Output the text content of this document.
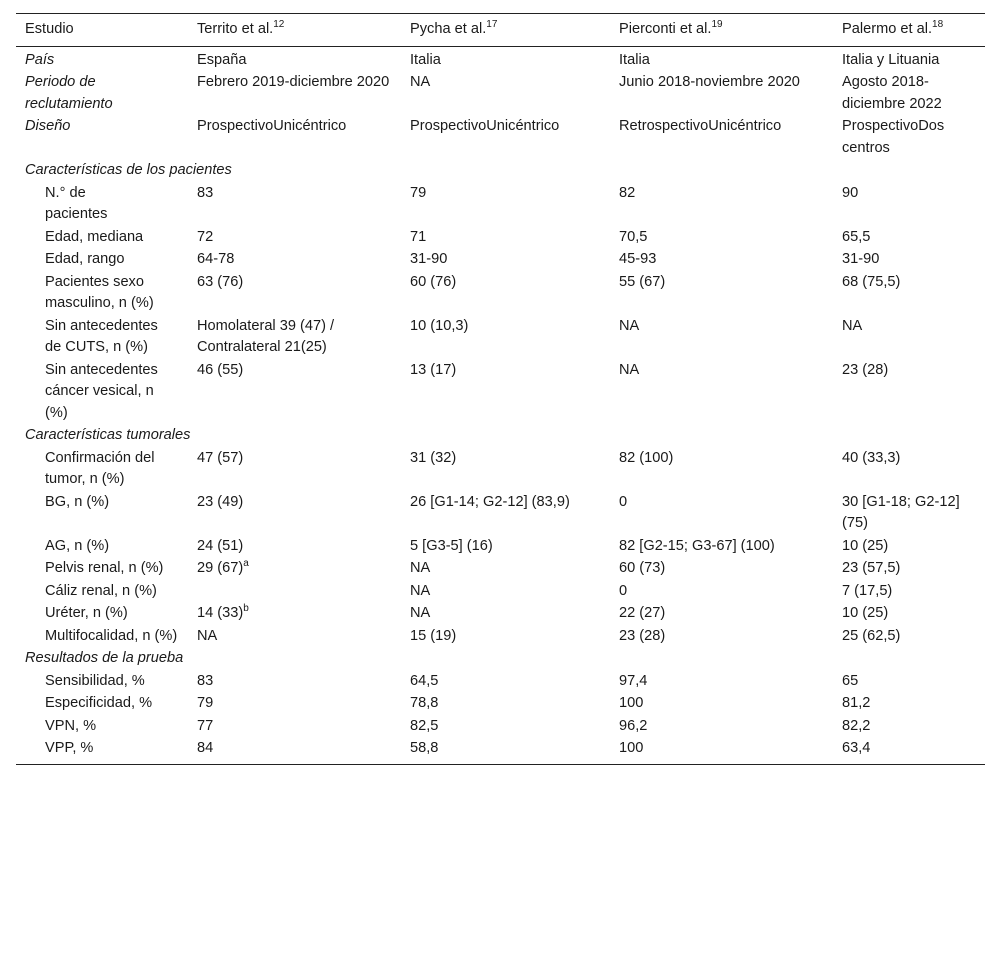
Estudio	Territo et al.$^{12}$	Pycha et al.$^{17}$	Pierconti et al.$^{19}$	Palermo et al.$^{18}$

País	España	Italia	Italia	Italia y Lituania
Periodo de reclutamiento	Febrero 2019-diciembre 2020	NA	Junio 2018-noviembre 2020	Agosto 2018-diciembre 2022
Diseño	ProspectivoUnicéntrico	ProspectivoUnicéntrico	RetrospectivoUnicéntrico	ProspectivoDos centros
Características de los pacientes				
N.° de pacientes	83	79	82	90
Edad, mediana	72	71	70,5	65,5
Edad, rango	64-78	31-90	45-93	31-90
Pacientes sexo masculino, n (%)	63 (76)	60 (76)	55 (67)	68 (75,5)
Sin antecedentes de CUTS, n (%)	Homolateral 39 (47) / Contralateral 21(25)	10 (10,3)	NA	NA
Sin antecedentes cáncer vesical, n (%)	46 (55)	13 (17)	NA	23 (28)
Características tumorales				
Confirmación del tumor, n (%)	47 (57)	31 (32)	82 (100)	40 (33,3)
BG, n (%)	23 (49)	26 [G1-14; G2-12] (83,9)	0	30 [G1-18; G2-12] (75)
AG, n (%)	24 (51)	5 [G3-5] (16)	82 [G2-15; G3-67] (100)	10 (25)
Pelvis renal, n (%)	29 $(67)^a$	NA	60 (73)	23 (57,5)
Cáliz renal, n (%)		NA	0	7 (17,5)
Uréter, n (%)	14 $(33)^b$	NA	22 (27)	10 (25)
Multifocalidad, n (%)	NA	15 (19)	23 (28)	25 (62,5)
Resultados de la prueba				
Sensibilidad, %	83	64,5	97,4	65
Especificidad, %	79	78,8	100	81,2
VPN, %	77	82,5	96,2	82,2
VPP, %	84	58,8	100	63,4
